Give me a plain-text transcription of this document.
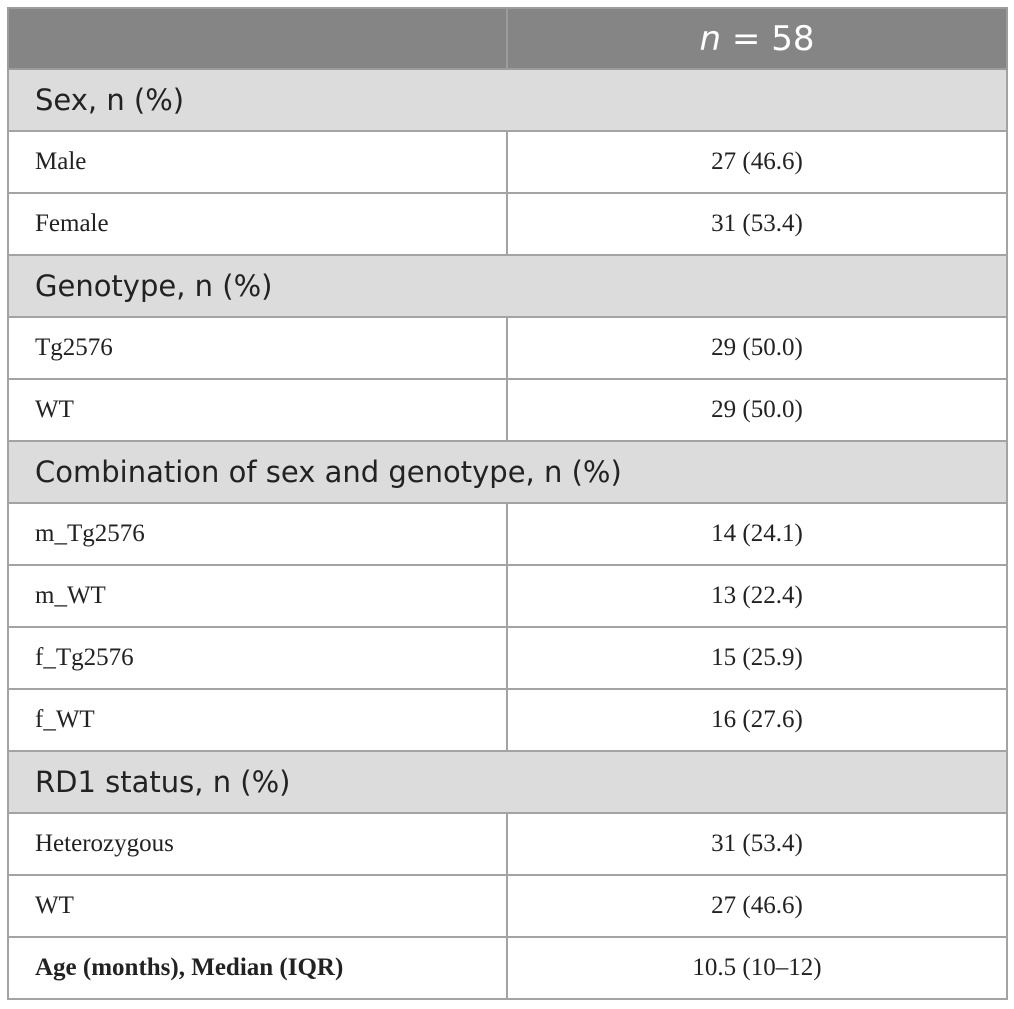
	n = 58
Sex, n (%)	
Male	27 (46.6)
Female	31 (53.4)
Genotype, n (%)	
Tg2576	29 (50.0)
WT	29 (50.0)
Combination of sex and genotype, n (%)	
m_Tg2576	14 (24.1)
m_WT	13 (22.4)
f_Tg2576	15 (25.9)
f_WT	16 (27.6)
RD1 status, n (%)	
Heterozygous	31 (53.4)
WT	27 (46.6)
Age (months), Median (IQR)	10.5 (10–12)
